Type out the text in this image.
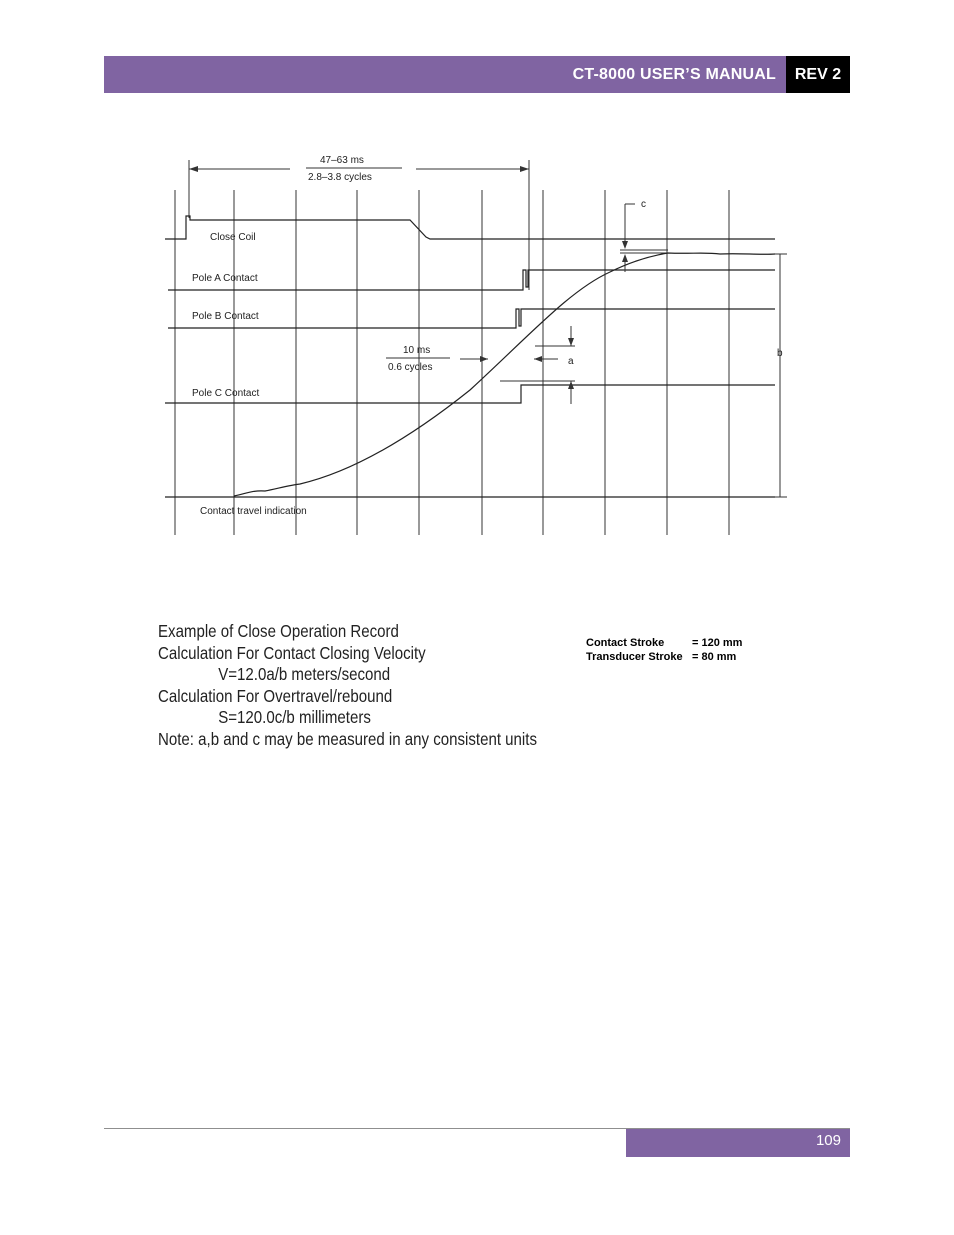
CT-8000 USER’S MANUAL	REV 2
47–63 ms
2.8–3.8 cycles
Close Coil
Pole A Contact
Pole B Contact
Pole C Contact
10 ms
0.6 cycles
a
c
b
Contact travel indication
Example of Close Operation Record
Calculation For Contact Closing Velocity
V=12.0a/b meters/second
Calculation For Overtravel/rebound
S=120.0c/b millimeters
Note: a,b and c may be measured in any consistent units
Contact Stroke	= 120 mm
Transducer Stroke = 80 mm
109
